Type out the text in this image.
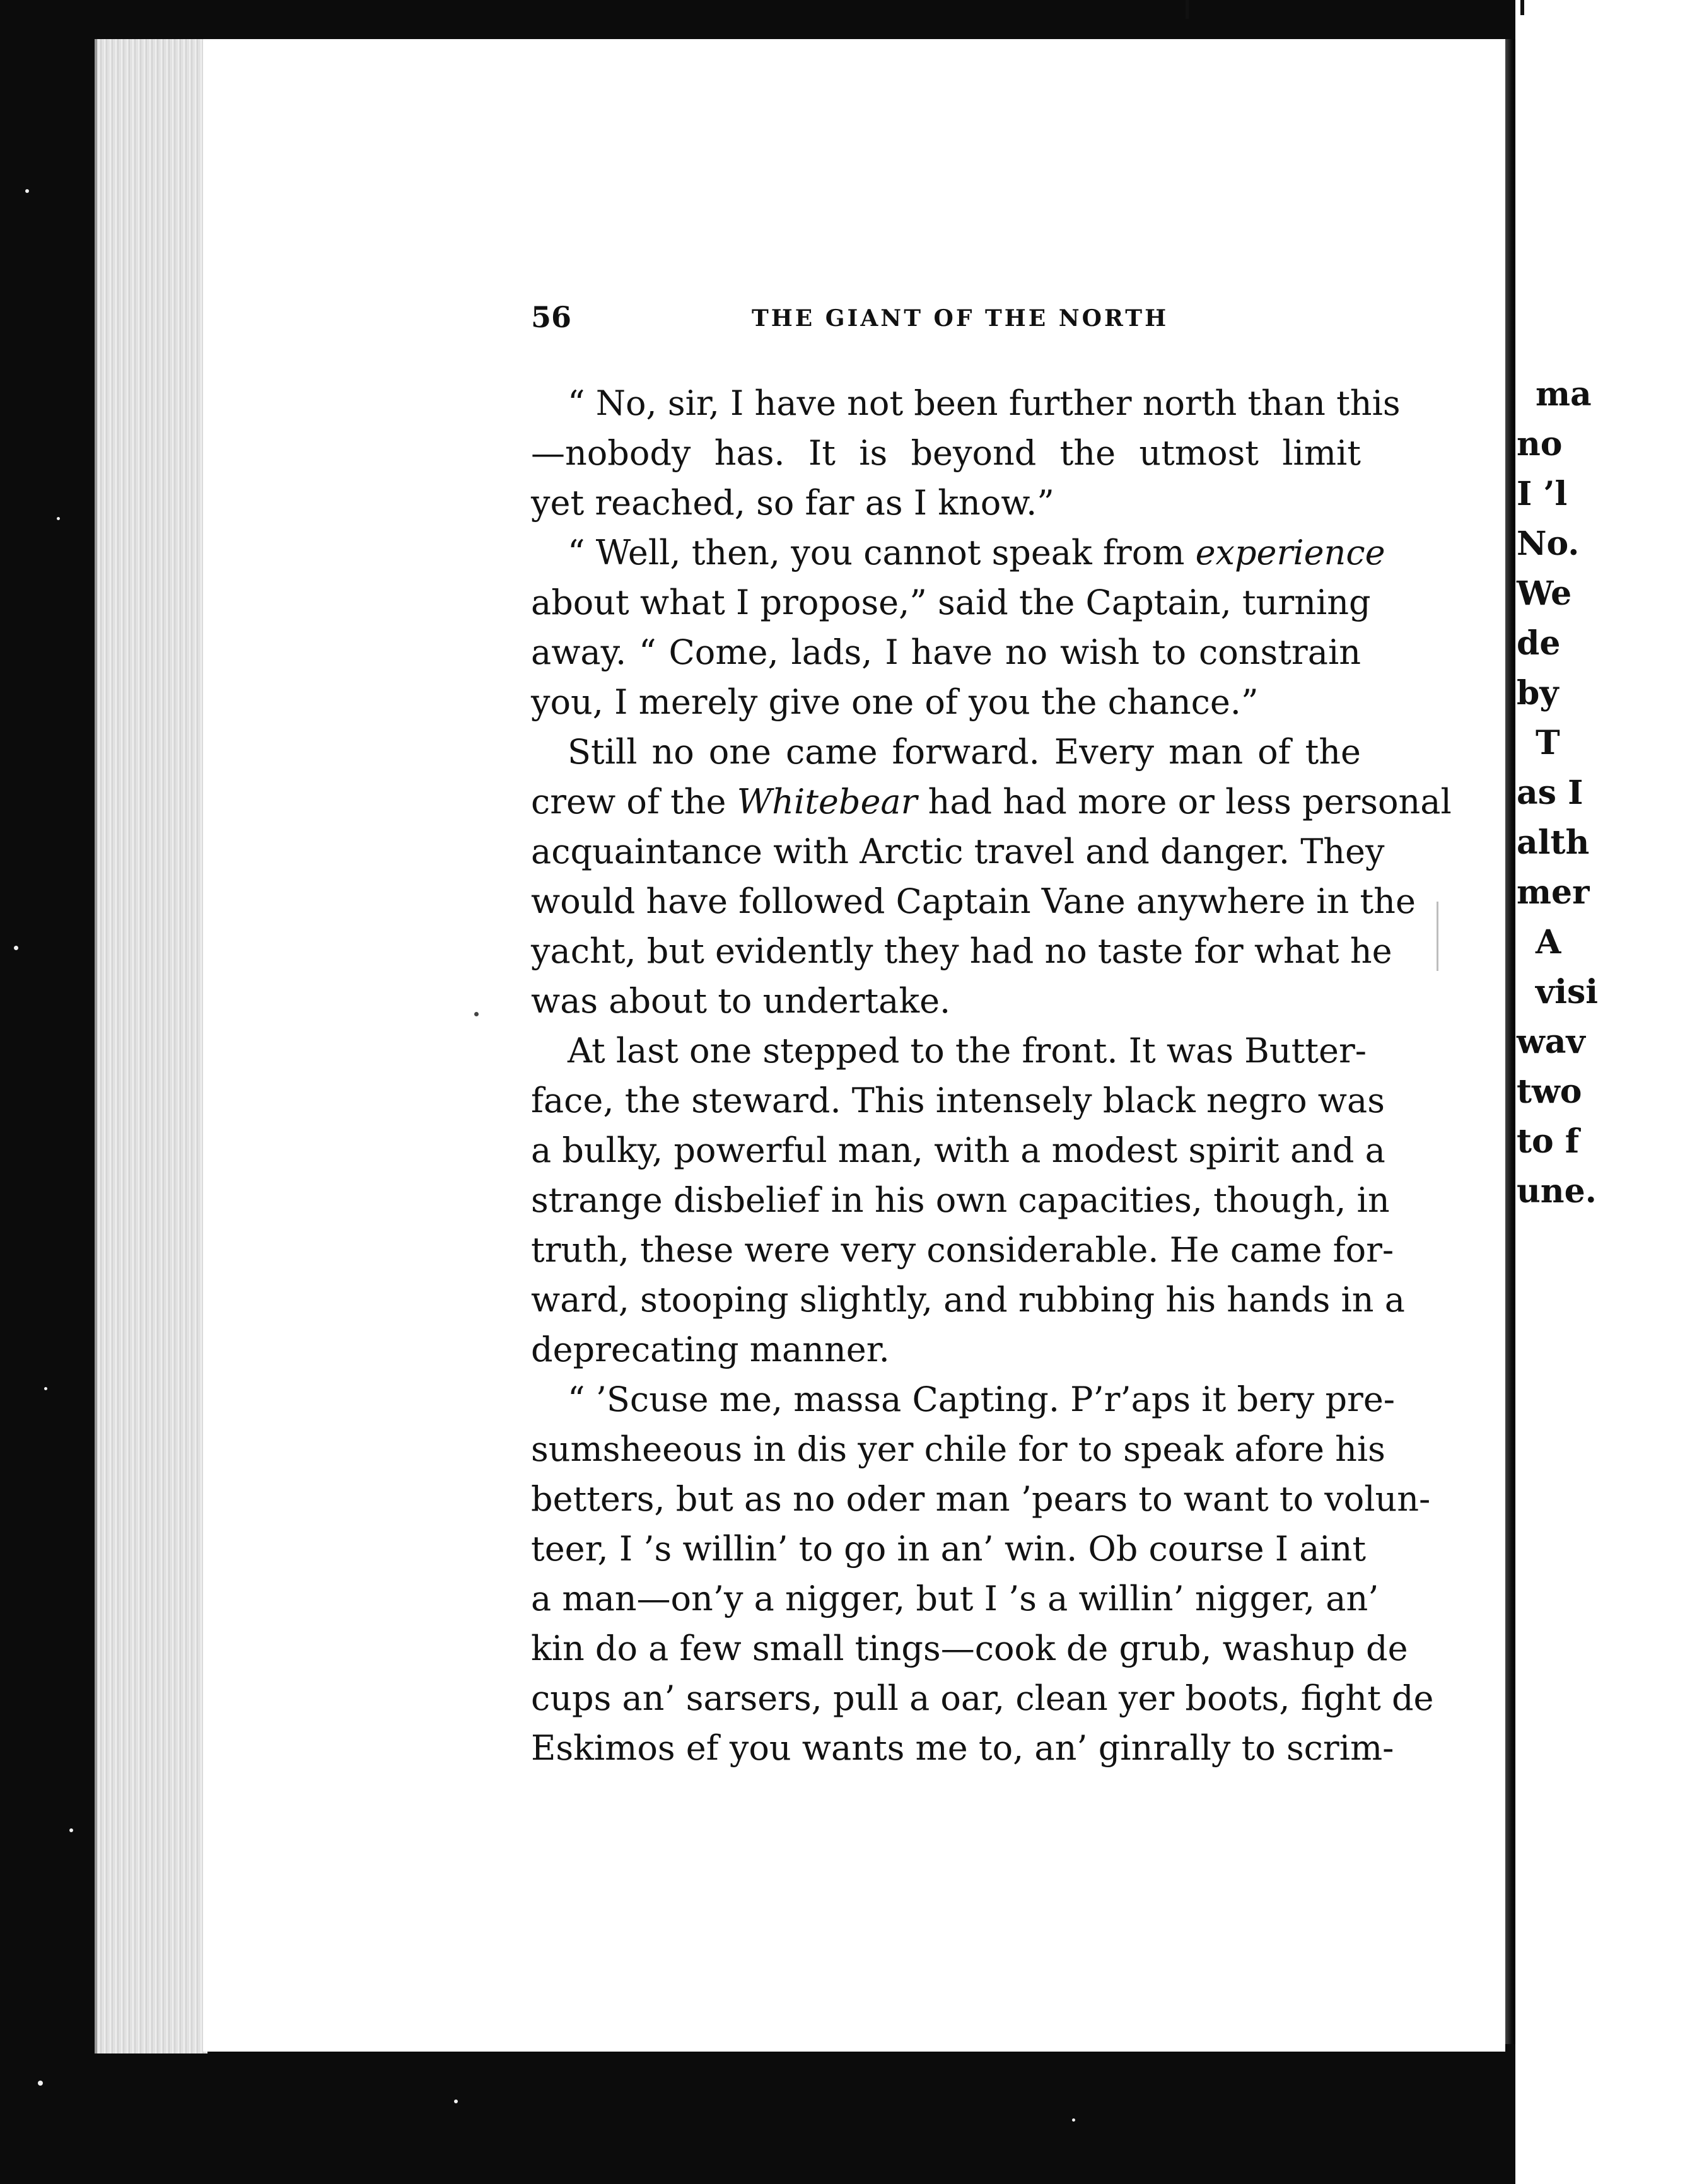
ma
no
I ’l
No.
We
de
by
T
as I
alth
mer
A
visi
wav
two
to f
une.
56	THE GIANT OF THE NORTH
“ No, sir, I have not been further north than this
—nobody has. It is beyond the utmost limit
yet reached, so far as I know.”
“ Well, then, you cannot speak from experience
about what I propose,” said the Captain, turning
away. “ Come, lads, I have no wish to constrain
you, I merely give one of you the chance.”
Still no one came forward. Every man of the
crew of the Whitebear had had more or less personal
acquaintance with Arctic travel and danger. They
would have followed Captain Vane anywhere in the
yacht, but evidently they had no taste for what he
was about to undertake.
At last one stepped to the front. It was Butter-
face, the steward. This intensely black negro was
a bulky, powerful man, with a modest spirit and a
strange disbelief in his own capacities, though, in
truth, these were very considerable. He came for-
ward, stooping slightly, and rubbing his hands in a
deprecating manner.
“ ’Scuse me, massa Capting. P’r’aps it bery pre-
sumsheeous in dis yer chile for to speak afore his
betters, but as no oder man ’pears to want to volun-
teer, I ’s willin’ to go in an’ win. Ob course I aint
a man—on’y a nigger, but I ’s a willin’ nigger, an’
kin do a few small tings—cook de grub, washup de
cups an’ sarsers, pull a oar, clean yer boots, fight de
Eskimos ef you wants me to, an’ ginrally to scrim-
